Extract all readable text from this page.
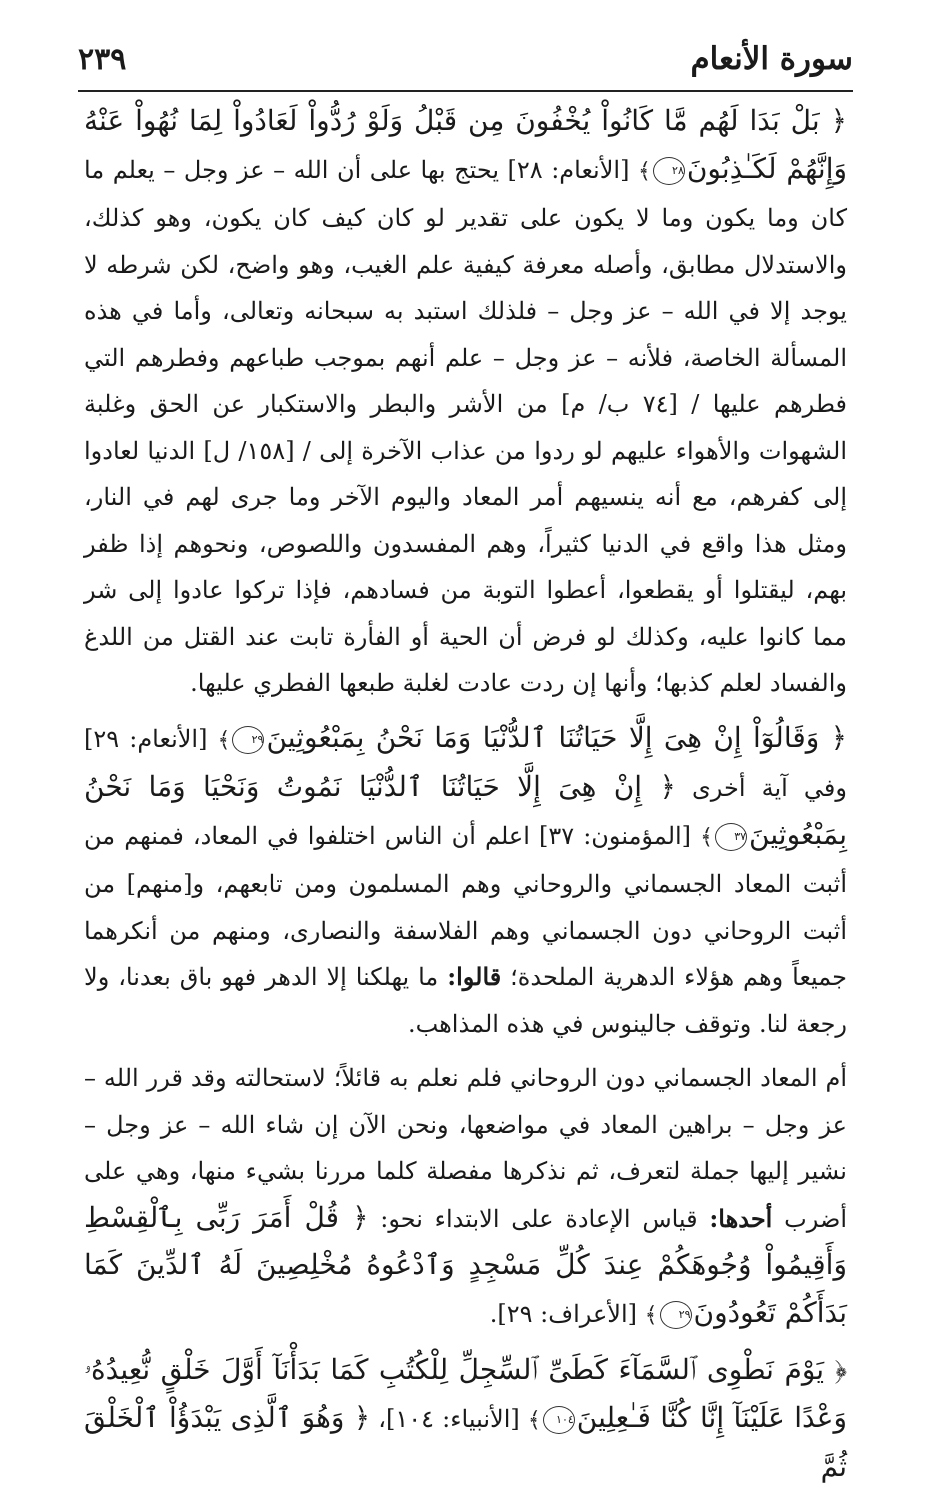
سورة الأنعام
٢٣٩

﴿ بَلْ بَدَا لَهُم مَّا كَانُواْ يُخْفُونَ مِن قَبْلُ وَلَوْ رُدُّواْ لَعَادُواْ لِمَا نُهُواْ عَنْهُ وَإِنَّهُمْ لَكَـٰذِبُونَ٢٨﴾ [الأنعام: ٢٨] يحتج بها على أن الله – عز وجل – يعلم ما كان وما يكون وما لا يكون على تقدير لو كان كيف كان يكون، وهو كذلك، والاستدلال مطابق، وأصله معرفة كيفية علم الغيب، وهو واضح، لكن شرطه لا يوجد إلا في الله – عز وجل – فلذلك استبد به سبحانه وتعالى، وأما في هذه المسألة الخاصة، فلأنه – عز وجل – علم أنهم بموجب طباعهم وفطرهم التي فطرهم عليها / [٧٤ ب/ م] من الأشر والبطر والاستكبار عن الحق وغلبة الشهوات والأهواء عليهم لو ردوا من عذاب الآخرة إلى / [١٥٨/ ل] الدنيا لعادوا إلى كفرهم، مع أنه ينسيهم أمر المعاد واليوم الآخر وما جرى لهم في النار، ومثل هذا واقع في الدنيا كثيراً، وهم المفسدون واللصوص، ونحوهم إذا ظفر بهم، ليقتلوا أو يقطعوا، أعطوا التوبة من فسادهم، فإذا تركوا عادوا إلى شر مما كانوا عليه، وكذلك لو فرض أن الحية أو الفأرة تابت عند القتل من اللدغ والفساد لعلم كذبها؛ وأنها إن ردت عادت لغلبة طبعها الفطري عليها.

﴿ وَقَالُوٓاْ إِنْ هِىَ إِلَّا حَيَاتُنَا ٱلدُّنْيَا وَمَا نَحْنُ بِمَبْعُوثِينَ٢٩﴾ [الأنعام: ٢٩] وفي آية أخرى ﴿ إِنْ هِىَ إِلَّا حَيَاتُنَا ٱلدُّنْيَا نَمُوتُ وَنَحْيَا وَمَا نَحْنُ بِمَبْعُوثِينَ٣٧﴾ [المؤمنون: ٣٧] اعلم أن الناس اختلفوا في المعاد، فمنهم من أثبت المعاد الجسماني والروحاني وهم المسلمون ومن تابعهم، و[منهم] من أثبت الروحاني دون الجسماني وهم الفلاسفة والنصارى، ومنهم من أنكرهما جميعاً وهم هؤلاء الدهرية الملحدة؛ قالوا: ما يهلكنا إلا الدهر فهو باق بعدنا، ولا رجعة لنا. وتوقف جالينوس في هذه المذاهب.

أم المعاد الجسماني دون الروحاني فلم نعلم به قائلاً؛ لاستحالته وقد قرر الله – عز وجل – براهين المعاد في مواضعها، ونحن الآن إن شاء الله – عز وجل – نشير إليها جملة لتعرف، ثم نذكرها مفصلة كلما مررنا بشيء منها، وهي على أضرب أحدها: قياس الإعادة على الابتداء نحو: ﴿ قُلْ أَمَرَ رَبِّى بِٱلْقِسْطِ وَأَقِيمُواْ وُجُوهَكُمْ عِندَ كُلِّ مَسْجِدٍ وَٱدْعُوهُ مُخْلِصِينَ لَهُ ٱلدِّينَ كَمَا بَدَأَكُمْ تَعُودُونَ٢٩﴾ [الأعراف: ٢٩].

﴿ يَوْمَ نَطْوِى ٱلسَّمَآءَ كَطَىِّ ٱلسِّجِلِّ لِلْكُتُبِ كَمَا بَدَأْنَآ أَوَّلَ خَلْقٍ نُّعِيدُهُۥ وَعْدًا عَلَيْنَآ إِنَّا كُنَّا فَـٰعِلِينَ١٠٤﴾ [الأنبياء: ١٠٤]، ﴿ وَهُوَ ٱلَّذِى يَبْدَؤُاْ ٱلْخَلْقَ ثُمَّ
